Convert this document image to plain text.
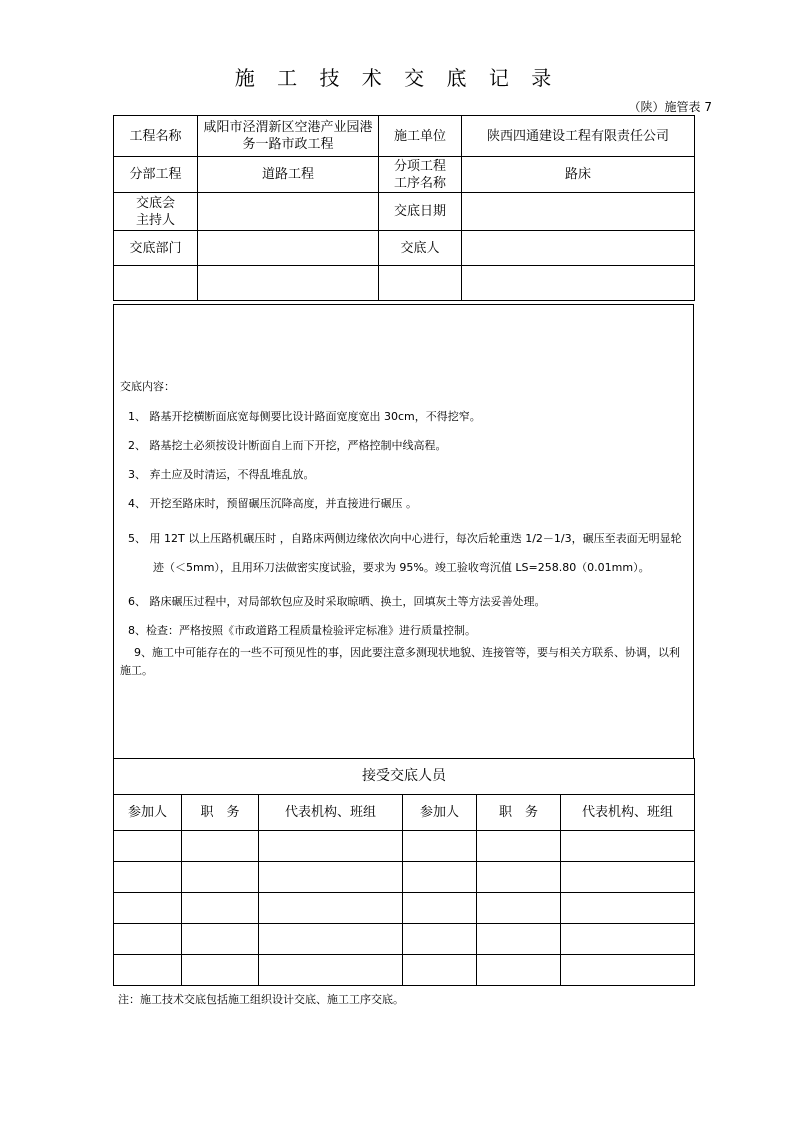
施 工 技 术 交 底 记 录
（陕）施管表 7
工程名称	咸阳市泾渭新区空港产业园港务一路市政工程	施工单位	陕西四通建设工程有限责任公司
分部工程	道路工程	分项工程工序名称	路床
交底会主持人		交底日期	
交底部门		交底人	

交底内容：
1、 路基开挖横断面底宽每侧要比设计路面宽度宽出 30cm，不得挖窄。
2、 路基挖土必须按设计断面自上而下开挖，严格控制中线高程。
3、 弃土应及时清运，不得乱堆乱放。
4、 开挖至路床时，预留碾压沉降高度，并直接进行碾压 。
5、 用 12T 以上压路机碾压时 ，自路床两侧边缘依次向中心进行，每次后轮重迭 1/2－1/3，碾压至表面无明显轮迹（＜5mm），且用环刀法做密实度试验，要求为 95%。竣工验收弯沉值 LS=258.80（0.01mm）。
6、 路床碾压过程中，对局部软包应及时采取晾晒、换土，回填灰土等方法妥善处理。
8、检查：严格按照《市政道路工程质量检验评定标准》进行质量控制。
9、施工中可能存在的一些不可预见性的事，因此要注意多测现状地貌、连接管等，要与相关方联系、协调，以利施工。
接受交底人员					
参加人	职　务	代表机构、班组	参加人	职　务	代表机构、班组

注：施工技术交底包括施工组织设计交底、施工工序交底。
